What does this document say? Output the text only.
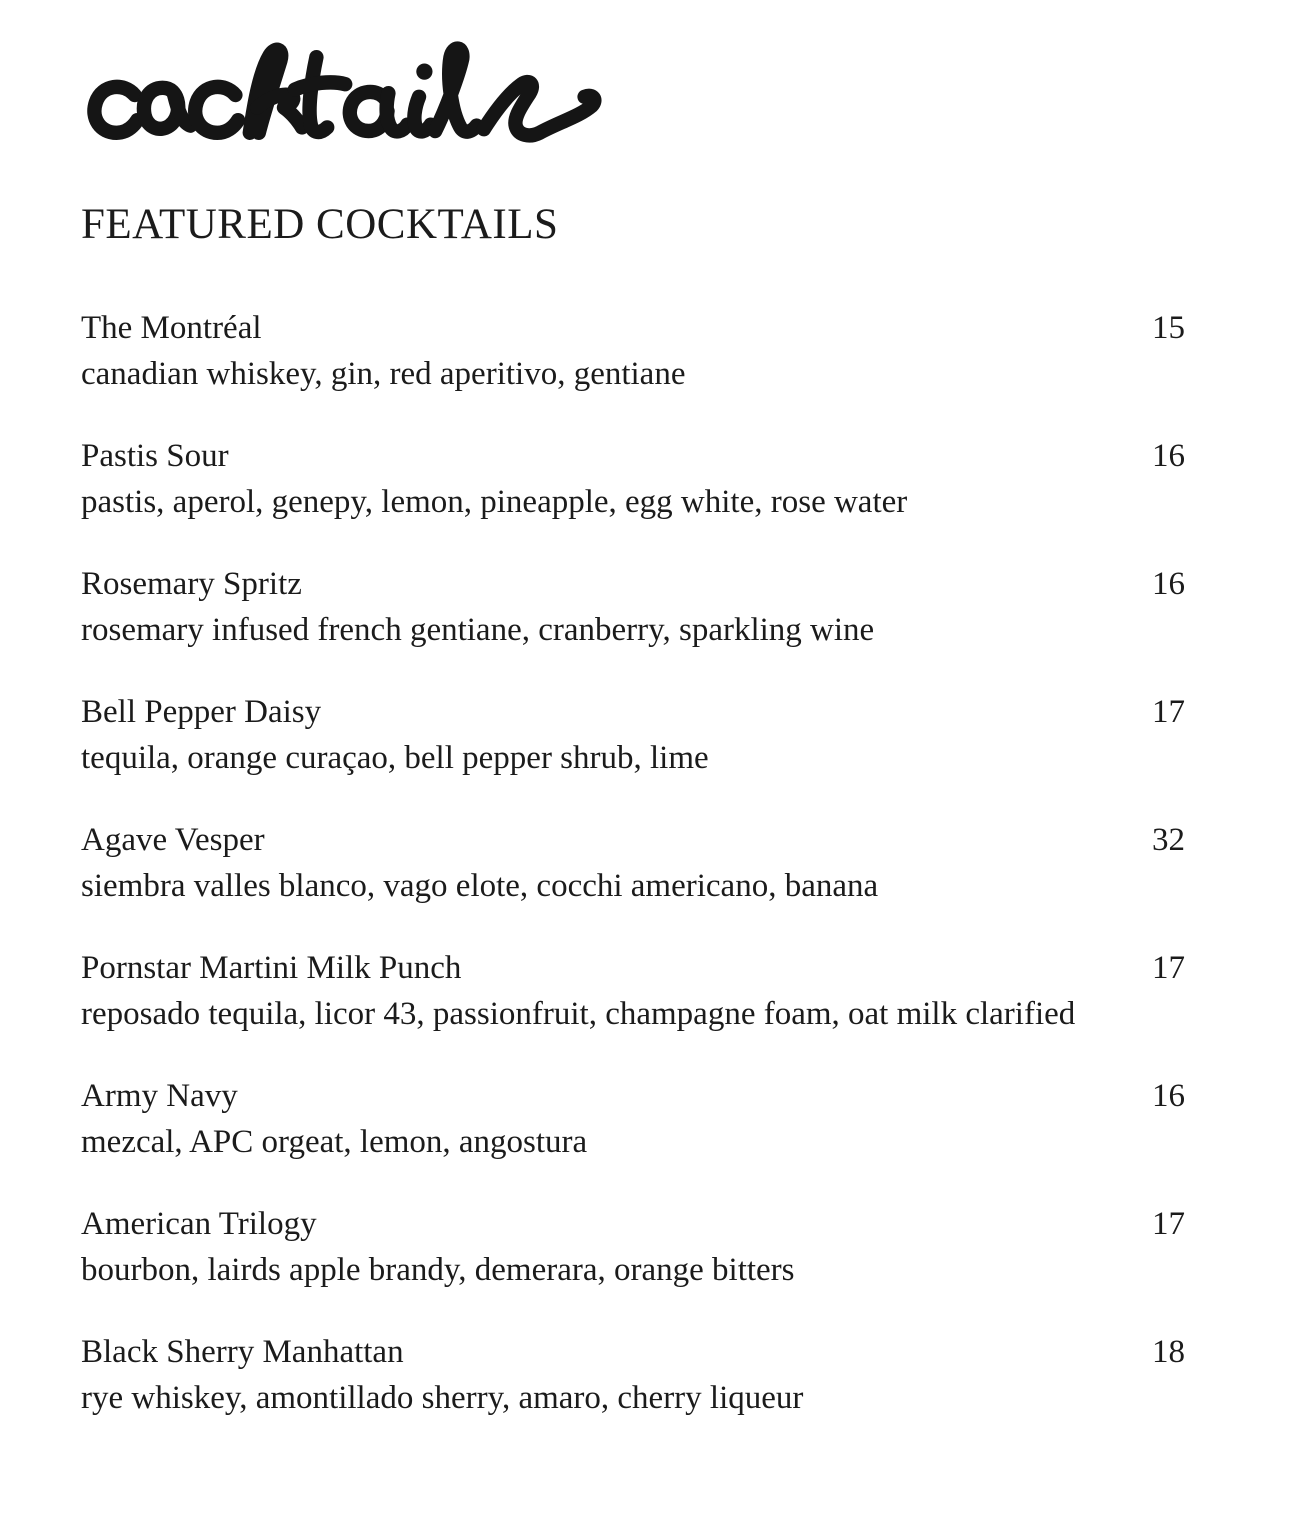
FEATURED COCKTAILS
The Montréal	15
canadian whiskey, gin, red aperitivo, gentiane
Pastis Sour	16
pastis, aperol, genepy, lemon, pineapple, egg white, rose water
Rosemary Spritz	16
rosemary infused french gentiane, cranberry, sparkling wine
Bell Pepper Daisy	17
tequila, orange curaçao, bell pepper shrub, lime
Agave Vesper	32
siembra valles blanco, vago elote, cocchi americano, banana
Pornstar Martini Milk Punch	17
reposado tequila, licor 43, passionfruit, champagne foam, oat milk clarified
Army Navy	16
mezcal, APC orgeat, lemon, angostura
American Trilogy	17
bourbon, lairds apple brandy, demerara, orange bitters
Black Sherry Manhattan	18
rye whiskey, amontillado sherry, amaro, cherry liqueur
